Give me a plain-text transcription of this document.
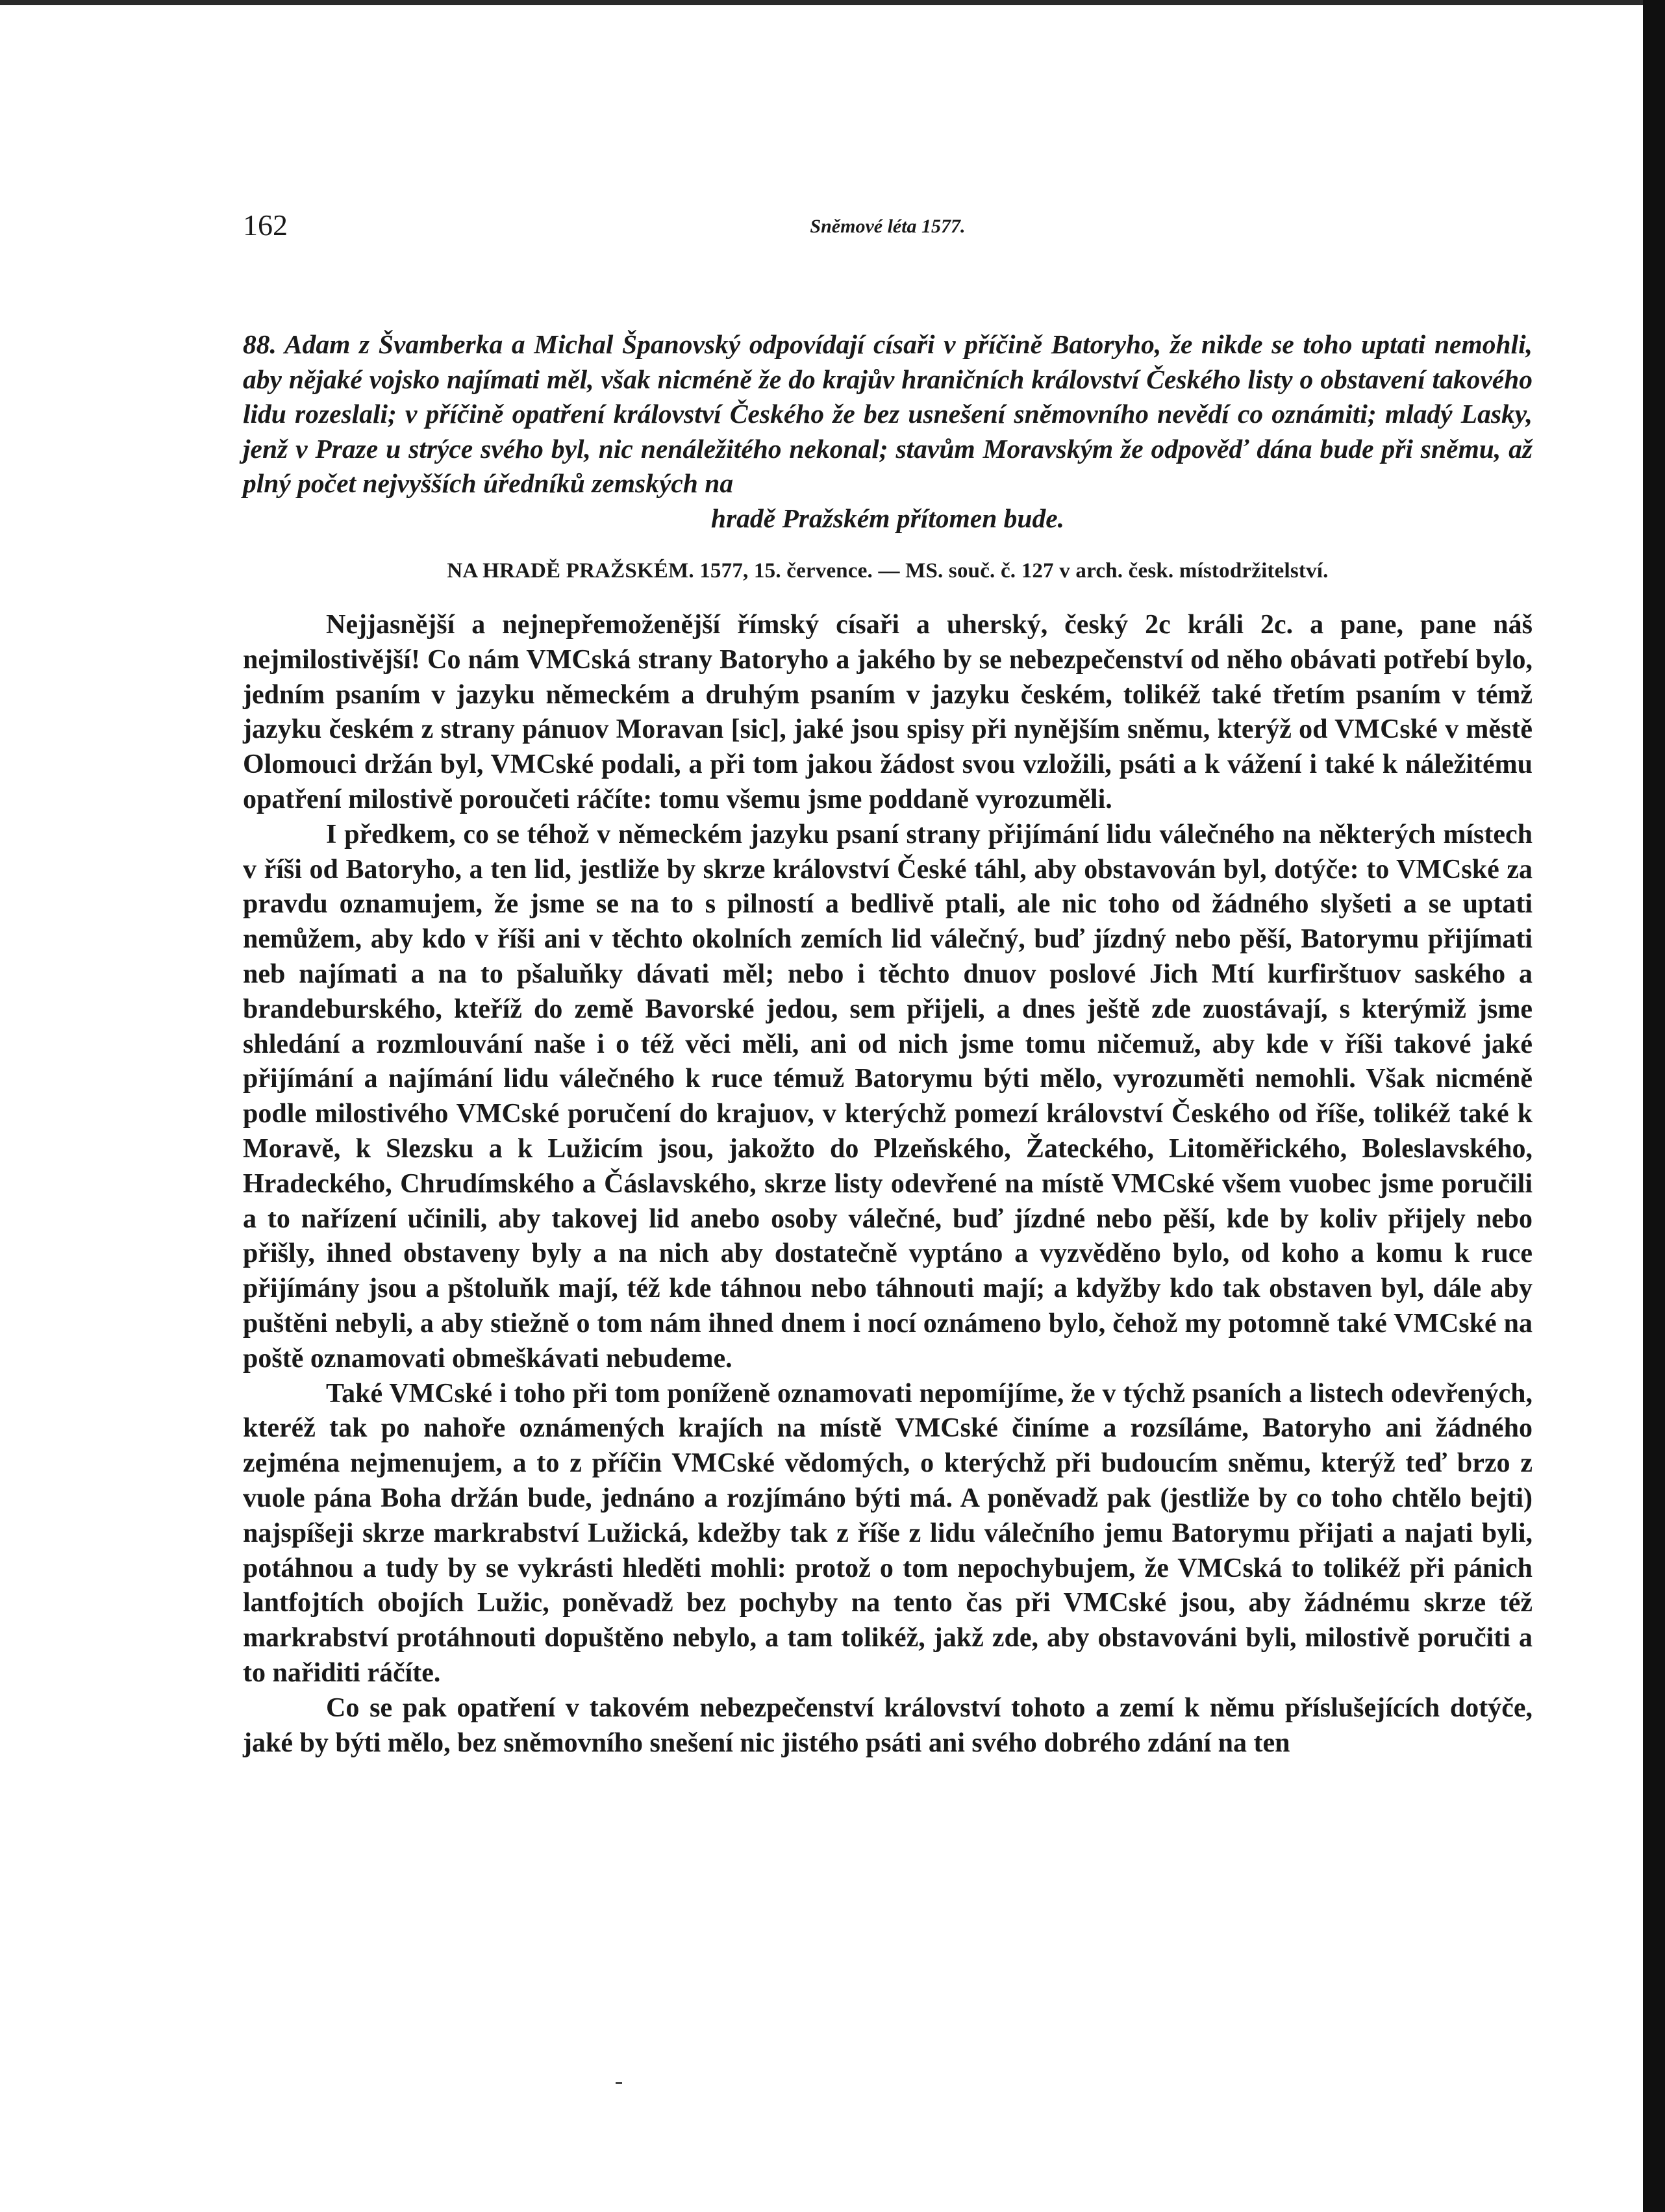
162	Sněmové léta 1577.
88. Adam z Švamberka a Michal Španovský odpovídají císaři v příčině Batoryho, že nikde se toho uptati nemohli, aby nějaké vojsko najímati měl, však nicméně že do krajův hraničních království Českého listy o obstavení takového lidu rozeslali; v příčině opatření království Českého že bez usnešení sněmovního nevědí co oznámiti; mladý Lasky, jenž v Praze u strýce svého byl, nic nenáležitého nekonal; stavům Moravským že odpověď dána bude při sněmu, až plný počet nejvyšších úředníků zemských na
hradě Pražském přítomen bude.
NA HRADĚ PRAŽSKÉM. 1577, 15. července. — MS. souč. č. 127 v arch. česk. místodržitelství.

Nejjasnější a nejnepřemoženější římský císaři a uherský, český 2c králi 2c. a pane, pane náš nejmilostivější! Co nám VMCská strany Batoryho a jakého by se nebezpečenství od něho obávati potřebí bylo, jedním psaním v jazyku německém a druhým psaním v jazyku českém, tolikéž také třetím psaním v témž jazyku českém z strany pánuov Moravan [sic], jaké jsou spisy při nynějším sněmu, kterýž od VMCské v městě Olomouci držán byl, VMCské podali, a při tom jakou žádost svou vzložili, psáti a k vážení i také k náležitému opatření milostivě poroučeti ráčíte: tomu všemu jsme poddaně vyrozuměli.

I předkem, co se téhož v německém jazyku psaní strany přijímání lidu válečného na některých místech v říši od Batoryho, a ten lid, jestliže by skrze království České táhl, aby obstavován byl, dotýče: to VMCské za pravdu oznamujem, že jsme se na to s pilností a bedlivě ptali, ale nic toho od žádného slyšeti a se uptati nemůžem, aby kdo v říši ani v těchto okolních zemích lid válečný, buď jízdný nebo pěší, Batorymu přijímati neb najímati a na to pšaluňky dávati měl; nebo i těchto dnuov poslové Jich Mtí kurfirštuov saského a brandeburského, kteříž do země Bavorské jedou, sem přijeli, a dnes ještě zde zuostávají, s kterýmiž jsme shledání a rozmlouvání naše i o též věci měli, ani od nich jsme tomu ničemuž, aby kde v říši takové jaké přijímání a najímání lidu válečného k ruce témuž Batorymu býti mělo, vyrozuměti nemohli. Však nicméně podle milostivého VMCské poručení do krajuov, v kterýchž pomezí království Českého od říše, tolikéž také k Moravě, k Slezsku a k Lužicím jsou, jakožto do Plzeňského, Žateckého, Litoměřického, Boleslavského, Hradeckého, Chrudímského a Čáslavského, skrze listy odevřené na místě VMCské všem vuobec jsme poručili a to nařízení učinili, aby takovej lid anebo osoby válečné, buď jízdné nebo pěší, kde by koliv přijely nebo přišly, ihned obstaveny byly a na nich aby dostatečně vyptáno a vyzvěděno bylo, od koho a komu k ruce přijímány jsou a pštoluňk mají, též kde táhnou nebo táhnouti mají; a kdyžby kdo tak obstaven byl, dále aby puštěni nebyli, a aby stiežně o tom nám ihned dnem i nocí oznámeno bylo, čehož my potomně také VMCské na poště oznamovati obmeškávati nebudeme.

Také VMCské i toho při tom poníženě oznamovati nepomíjíme, že v týchž psaních a listech odevřených, kteréž tak po nahoře oznámených krajích na místě VMCské činíme a rozsíláme, Batoryho ani žádného zejména nejmenujem, a to z příčin VMCské vědomých, o kterýchž při budoucím sněmu, kterýž teď brzo z vuole pána Boha držán bude, jednáno a rozjímáno býti má. A poněvadž pak (jestliže by co toho chtělo bejti) najspíšeji skrze markrabství Lužická, kdežby tak z říše z lidu válečního jemu Batorymu přijati a najati byli, potáhnou a tudy by se vykrásti hleděti mohli: protož o tom nepochybujem, že VMCská to tolikéž při pánich lantfojtích obojích Lužic, poněvadž bez pochyby na tento čas při VMCské jsou, aby žádnému skrze též markrabství protáhnouti dopuštěno nebylo, a tam tolikéž, jakž zde, aby obstavováni byli, milostivě poručiti a to nařiditi ráčíte.

Co se pak opatření v takovém nebezpečenství království tohoto a zemí k němu příslušejících dotýče, jaké by býti mělo, bez sněmovního snešení nic jistého psáti ani svého dobrého zdání na ten
